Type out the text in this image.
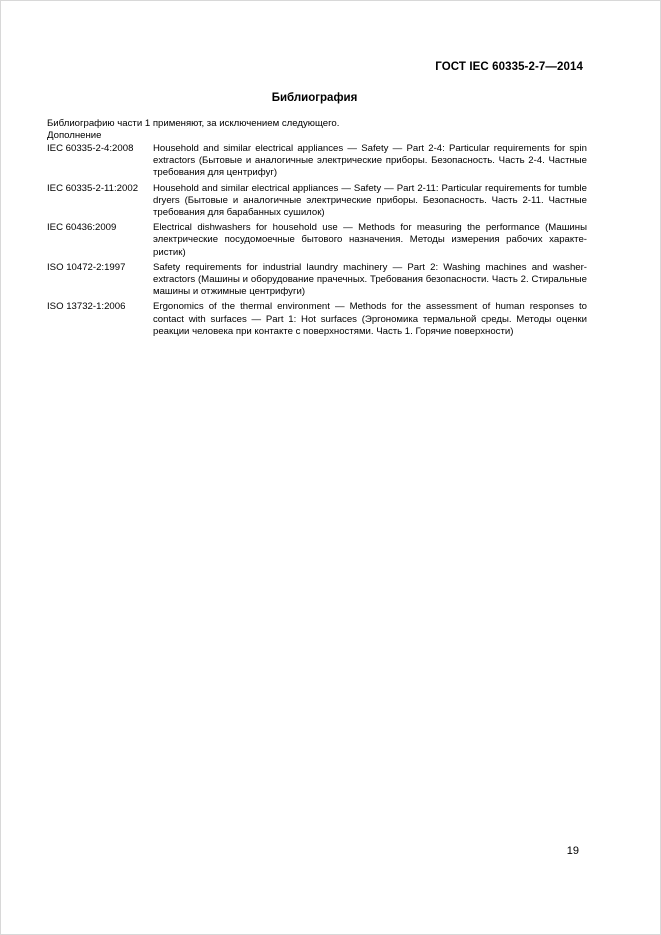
ГОСТ IEC 60335-2-7—2014
Библиография
Библиографию части 1 применяют, за исключением следующего.
Дополнение
IEC 60335-2-4:2008	Household and similar electrical appliances — Safety — Part 2-4: Particular requirements for spin extractors (Бытовые и аналогичные электрические приборы. Безопасность. Часть 2-4. Частные требования для центрифуг)
IEC 60335-2-11:2002	Household and similar electrical appliances — Safety — Part 2-11: Particular requirements for tumble dryers (Бытовые и аналогичные электрические приборы. Безопасность. Часть 2-11. Частные требования для барабанных сушилок)
IEC 60436:2009	Electrical dishwashers for household use — Methods for measuring the performance (Машины электрические посудомоечные бытового назначения. Методы измерения рабочих характеристик)
ISO 10472-2:1997	Safety requirements for industrial laundry machinery — Part 2: Washing machines and washer-extractors (Машины и оборудование прачечных. Требования безопасности. Часть 2. Стиральные машины и отжимные центрифуги)
ISO 13732-1:2006	Ergonomics of the thermal environment — Methods for the assessment of human responses to contact with surfaces — Part 1: Hot surfaces (Эргономика термальной среды. Методы оценки реакции человека при контакте с поверхностями. Часть 1. Горячие поверхности)
19
